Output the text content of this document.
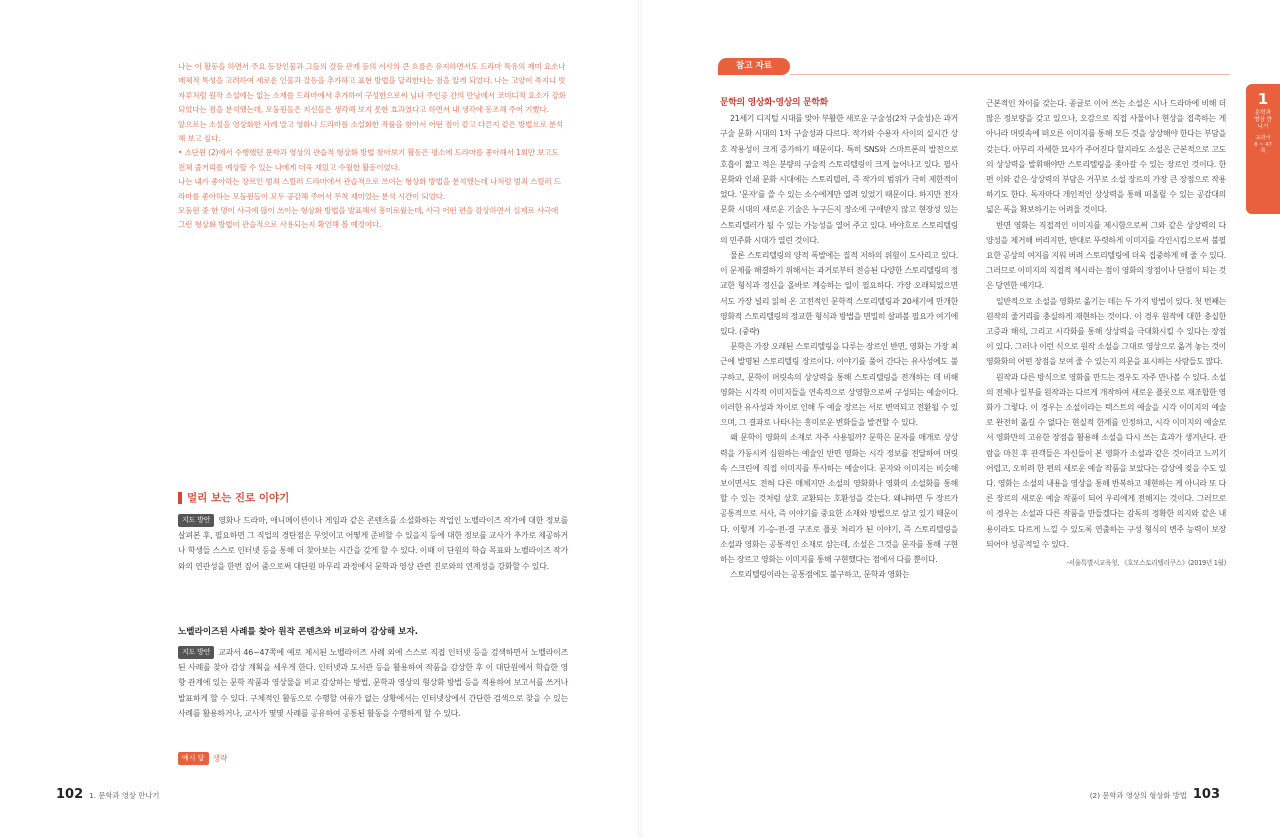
나는 이 활동을 하면서 주요 등장인물과 그들의 갈등 관계 등의 서사의 큰 흐름은 유지하면서도 드라마 특유의 재미 요소나 매체적 특성을 고려하여 새로운 인물과 갈등을 추가하고 표현 방법을 달리한다는 점을 알게 되었다. 나는 고양이 족지니 빗자루처럼 원작 소설에는 없는 소재를 드라마에서 추가하여 구성한으로써 님녀 주인공 간의 만남에서 코미디적 요소가 강화되었다는 점을 분석했는데, 모둠원들은 지신들은 생각해 보지 못한 효과였다고 하면서 내 생각에 동조해 주어 기뻤다.

앞으로는 소설을 영상화한 사례 말고 영화나 드라마를 소설화한 작품을 찾아서 어떤 점이 같고 다른지 같은 방법으로 분석해 보고 싶다.

• 소단원 (2)에서 수행했던 문학과 영상의 관습적 형상화 방법 찾아보기 활동은 평소에 드라마를 좋아해서 1회만 보고도 전체 줄거리를 예상할 수 있는 나에게 더욱 재밌고 수월한 활동이었다.

나는 내가 좋아하는 장르인 범죄 스릴러 드라마에서 관습적으로 쓰이는 형상화 방법을 분석했는데 나처럼 범죄 스릴러 드라마를 좋아하는 모둠원들이 모두 공감해 주어서 무척 재미있는 분석 시간이 되었다.

모둠원 중 한 명이 사극에 많이 쓰이는 형상화 방법을 발표해서 흥미로웠는데, 사극 어떤 편을 감상하면서 실제로 사극에 그런 형상화 방법이 관습적으로 사용되는지 확인해 볼 예정이다.

멀리 보는 진로 이야기
지도 방안 영화나 드라마, 애니메이션이나 게임과 같은 콘텐츠를 소설화하는 작업인 노벨라이즈 작가에 대한 정보를 살펴본 후, 필요하면 그 직업의 경탄점은 무엇이고 어떻게 준비할 수 있을지 등에 대한 정보를 교사가 추가로 제공하거나 학생들 스스로 인터넷 등을 통해 더 찾아보는 시간을 갖게 할 수 있다. 이때 이 단원의 학습 목표와 노벨라이즈 작가와의 연관성을 한번 짚어 줌으로써 대단원 마무리 과정에서 문학과 영상 관련 진로와의 연계성을 강화할 수 있다.
노벨라이즈된 사례를 찾아 원작 콘텐츠와 비교하여 감상해 보자.
지도 방안 교과서 46~47쪽에 예로 제시된 노벨라이즈 사례 외에 스스로 직접 인터넷 등을 검색하면서 노벨라이즈된 사례를 찾아 감상 계획을 세우게 한다. 인터넷과 도서관 등을 활용하여 작품을 감상한 후 이 대단원에서 학습한 영향 관계에 있는 문학 작품과 영상물을 비교 감상하는 방법, 문학과 영상의 형상화 방법 등을 적용하여 보고서를 쓰거나 발표하게 할 수 있다. 구체적인 활동으로 수행할 여유가 없는 상황에서는 인터넷상에서 간단한 검색으로 찾을 수 있는 사례를 활용하거나, 교사가 몇몇 사례를 공유하여 공통된 활동을 수행하게 할 수 있다.
예시 답 생략
102 1. 문학과 영상 만나기
참고 자료

문학의 영상화·영상의 문학화

21세기 디지털 시대를 맞아 부활한 새로운 구술성(2차 구술성)은 과거 구술 문화 시대의 1차 구술성과 다르다. 작가와 수용자 사이의 실시간 상호 작용성이 크게 증가하기 때문이다. 특히 SNS와 스마트폰의 발전으로 호흡이 짧고 적은 분량의 구술적 스토리텔링이 크게 늘어나고 있다. 필사 문화와 인쇄 문화 시대에는 스토리텔러, 즉 작가의 범위가 극히 제한적이었다. '문자'를 쓸 수 있는 소수에게만 열려 있었기 때문이다. 하지만 전자 문화 시대의 새로운 기술은 누구든지 장소에 구애받지 않고 현장성 있는 스토리텔러가 될 수 있는 가능성을 열어 주고 있다. 바야흐로 스토리텔링의 민주화 시대가 열린 것이다.

물론 스토리텔링의 양적 폭발에는 질적 저하의 위험이 도사리고 있다. 이 문제를 해결하기 위해서는 과거로부터 전승된 다양한 스토리텔링의 정교한 형식과 정신을 올바로 계승하는 일이 필요하다. 가장 오래되었으면서도 가장 널리 읽혀 온 고전적인 문학적 스토리텔링과 20세기에 만개한 영화적 스토리텔링의 정교한 형식과 방법을 면밀히 살펴볼 필요가 여기에 있다. (중략)

문학은 가장 오래된 스토리텔링을 다루는 장르인 반면, 영화는 가장 최근에 발명된 스토리텔링 장르이다. 이야기를 풀어 간다는 유사성에도 불구하고, 문학이 머릿속의 상상력을 통해 스토리텔링을 전개하는 데 비해 영화는 시각적 이미지들을 연속적으로 상영함으로써 구성되는 예술이다. 이러한 유사성과 차이로 인해 두 예술 장르는 서로 변역되고 전환될 수 있으며, 그 결과로 나타나는 흥미로운 변화들을 발견할 수 있다.

왜 문학이 영화의 소재로 자주 사용될까? 문학은 문자를 매개로 상상력을 가동시켜 심원하는 예술인 반면 영화는 시각 정보를 전달하여 머릿속 스크린에 직접 이미지를 투사하는 예술이다. 문자와 이미지는 비슷해 보이면서도 전혀 다른 매체지만 소설의 영화화나 영화의 소설화를 통해 할 수 있는 것처럼 상호 교환되는 호환성을 갖는다. 왜냐하면 두 장르가 공통적으로 서사, 즉 이야기를 중요한 소재와 방법으로 삼고 있기 때문이다. 이렇게 기-승-전-결 구조로 플롯 처리가 된 이야기, 즉 스토리텔링을 소설과 영화는 공통적인 소재로 삼는데, 소설은 그것을 문자를 통해 구현하는 장르고 영화는 이미지를 통해 구현했다는 점에서 다를 뿐이다.

스토리텔링이라는 공통점에도 불구하고, 문학과 영화는

근본적인 차이를 갖는다. 종글로 이어 쓰는 소설은 시나 드라마에 비해 더 많은 정보량을 갖고 있으나, 오감으로 직접 사물이나 현상을 접촉하는 게 아니라 머릿속에 떠오른 이미지를 통해 모든 것을 상상해야 한다는 부담을 갖는다. 아무리 자세한 묘사가 주어진다 할지라도 소설은 근본적으로 고도의 상상력을 발휘해야만 스토리텔링을 좇아갈 수 있는 장르인 것이다. 한편 이와 같은 상상력의 부담은 거꾸로 소설 장르의 가장 큰 장점으로 작용하기도 한다. 독자마다 개인적인 상상력을 통해 떠올릴 수 있는 공감대의 넓은 폭을 확보하기는 어려울 것이다.

반면 영화는 직접적인 이미지를 제시함으로써 그와 같은 상상력의 다양성을 제거해 버리지만, 반대로 뚜렷하게 이미지를 각인시킴으로써 불필요한 공상의 여지를 지워 버려 스토리텔링에 더욱 집중하게 해 줄 수 있다. 그러므로 이미지의 직접적 제시라는 점이 영화의 장점이나 단점이 되는 것은 당연한 얘기다.

일반적으로 소설을 영화로 옮기는 데는 두 가지 방법이 있다. 첫 번째는 원작의 줄거리를 충실하게 재현하는 것이다. 이 경우 원작에 대한 충실한 고증과 해석, 그리고 시각화를 통해 상상력을 극대화시킬 수 있다는 장점이 있다. 그러나 이런 식으로 원작 소설을 그대로 영상으로 옮겨 놓는 것이 영화화의 어떤 장점을 보여 줄 수 있는지 의문을 표시하는 사람들도 많다.

원작과 다른 방식으로 영화를 만드는 경우도 자주 만나볼 수 있다. 소설의 전체나 일부를 원작과는 다르게 개작하여 새로운 플롯으로 재조합한 영화가 그렇다. 이 경우는 소설이라는 텍스트의 예술을 시각 이미지의 예술로 완전히 옮길 수 없다는 현실적 한계를 인정하고, 시각 이미지의 예술로서 영화만의 고유한 장점을 활용해 소설을 다시 쓰는 효과가 생겨난다. 관람을 마친 후 관객들은 자신들이 본 영화가 소설과 같은 것이라고 느끼기 어렵고, 오히려 한 편의 새로운 예술 작품을 보았다는 감상에 젖을 수도 있다. 영화는 소설의 내용을 영상을 통해 반복하고 재현하는 게 아니라 또 다른 장르의 새로운 예술 작품이 되어 우리에게 전해지는 것이다. 그러므로 이 경우는 소설과 다른 작품을 만들겠다는 감독의 정확한 의지와 같은 내용이라도 다르게 느낄 수 있도록 연출하는 구성 형식의 변주 능력이 보장되어야 성공적일 수 있다.

-서울특별시교육청, 《호모스토리텔리쿠스》(2019년 1월)

1
문학과 영상 만나기
교과서 8 ~ 47쪽
(2) 문학과 영상의 형상화 방법 103
